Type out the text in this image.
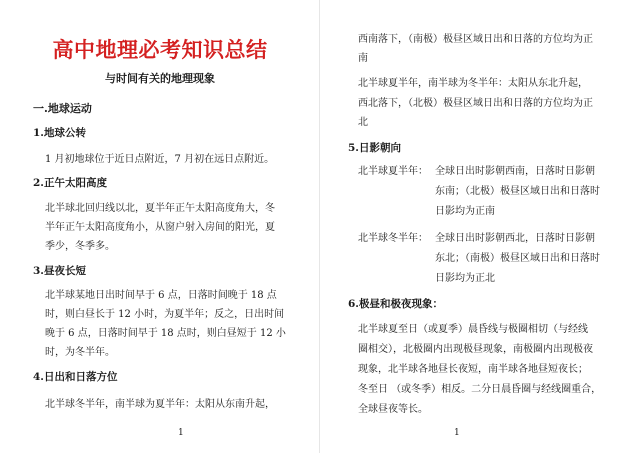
高中地理必考知识总结
与时间有关的地理现象
一.地球运动
1.地球公转
1 月初地球位于近日点附近，7 月初在远日点附近。
2.正午太阳高度
北半球北回归线以北，夏半年正午太阳高度角大，冬
半年正午太阳高度角小，从窗户射入房间的阳光，夏
季少，冬季多。
3.昼夜长短
北半球某地日出时间早于 6 点，日落时间晚于 18 点
时，则白昼长于 12 小时，为夏半年；反之，日出时间
晚于 6 点，日落时间早于 18 点时，则白昼短于 12 小
时，为冬半年。
4.日出和日落方位
北半球冬半年，南半球为夏半年：太阳从东南升起，
1
西南落下，（南极）极昼区域日出和日落的方位均为正
南
北半球夏半年，南半球为冬半年：太阳从东北升起，
西北落下，（北极）极昼区域日出和日落的方位均为正
北
5.日影朝向
北半球夏半年： 全球日出时影朝西南，日落时日影朝
东南；（北极）极昼区域日出和日落时
日影均为正南
北半球冬半年： 全球日出时影朝西北，日落时日影朝
东北；（南极）极昼区域日出和日落时
日影均为正北
6.极昼和极夜现象：
北半球夏至日（或夏季）晨昏线与极圈相切（与经线
圈相交），北极圈内出现极昼现象，南极圈内出现极夜
现象，北半球各地昼长夜短，南半球各地昼短夜长；
冬至日 （或冬季）相反。二分日晨昏圈与经线圈重合，
全球昼夜等长。
1
